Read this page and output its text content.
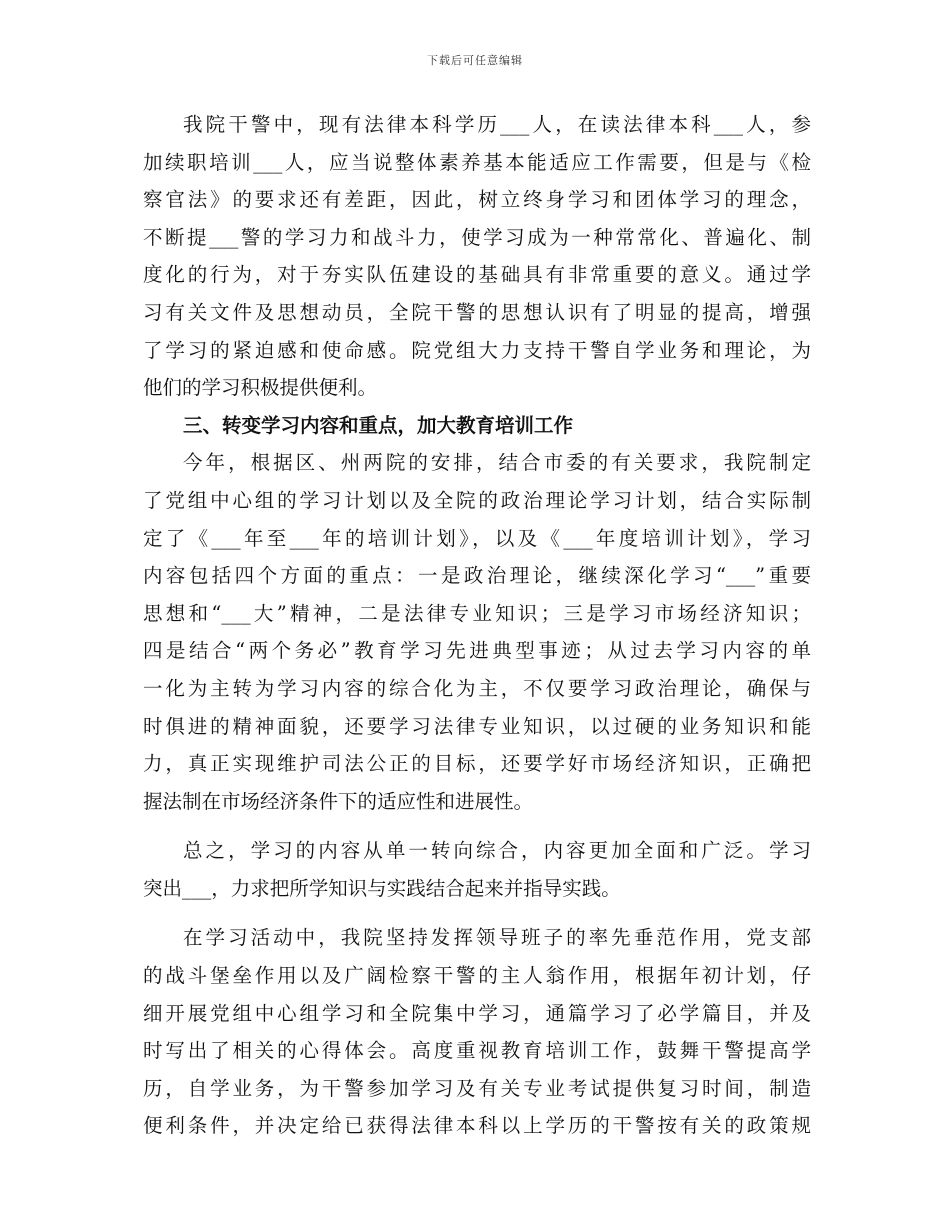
下载后可任意编辑
我院干警中，现有法律本科学历___人，在读法律本科___人，参
加续职培训___人，应当说整体素养基本能适应工作需要，但是与《检
察官法》的要求还有差距，因此，树立终身学习和团体学习的理念，
不断提___警的学习力和战斗力，使学习成为一种常常化、普遍化、制
度化的行为，对于夯实队伍建设的基础具有非常重要的意义。通过学
习有关文件及思想动员，全院干警的思想认识有了明显的提高，增强
了学习的紧迫感和使命感。院党组大力支持干警自学业务和理论，为
他们的学习积极提供便利。
三、转变学习内容和重点，加大教育培训工作
今年，根据区、州两院的安排，结合市委的有关要求，我院制定
了党组中心组的学习计划以及全院的政治理论学习计划，结合实际制
定了《___年至___年的培训计划》，以及《___年度培训计划》，学习
内容包括四个方面的重点：一是政治理论，继续深化学习“___”重要
思想和“___大”精神，二是法律专业知识；三是学习市场经济知识；
四是结合“两个务必”教育学习先进典型事迹；从过去学习内容的单
一化为主转为学习内容的综合化为主，不仅要学习政治理论，确保与
时俱进的精神面貌，还要学习法律专业知识，以过硬的业务知识和能
力，真正实现维护司法公正的目标，还要学好市场经济知识，正确把
握法制在市场经济条件下的适应性和进展性。
总之，学习的内容从单一转向综合，内容更加全面和广泛。学习
突出___，力求把所学知识与实践结合起来并指导实践。
在学习活动中，我院坚持发挥领导班子的率先垂范作用，党支部
的战斗堡垒作用以及广阔检察干警的主人翁作用，根据年初计划，仔
细开展党组中心组学习和全院集中学习，通篇学习了必学篇目，并及
时写出了相关的心得体会。高度重视教育培训工作，鼓舞干警提高学
历，自学业务，为干警参加学习及有关专业考试提供复习时间，制造
便利条件，并决定给已获得法律本科以上学历的干警按有关的政策规
